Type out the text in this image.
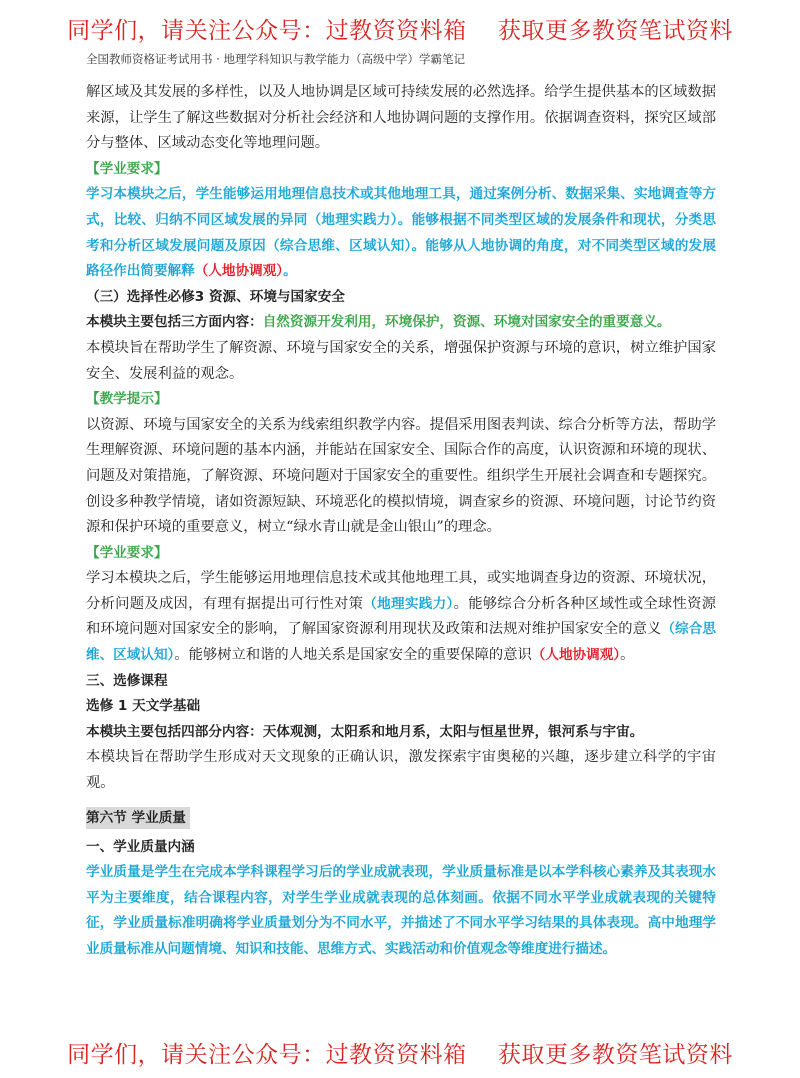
同学们，请关注公众号：过教资资料箱    获取更多教资笔试资料
全国教师资格证考试用书 · 地理学科知识与教学能力（高级中学）学霸笔记

解区域及其发展的多样性，以及人地协调是区域可持续发展的必然选择。给学生提供基本的区域数据来源，让学生了解这些数据对分析社会经济和人地协调问题的支撑作用。依据调查资料，探究区域部分与整体、区域动态变化等地理问题。

【学业要求】

学习本模块之后，学生能够运用地理信息技术或其他地理工具，通过案例分析、数据采集、实地调查等方式，比较、归纳不同区域发展的异同（地理实践力）。能够根据不同类型区域的发展条件和现状，分类思考和分析区域发展问题及原因（综合思维、区域认知）。能够从人地协调的角度，对不同类型区域的发展路径作出简要解释（人地协调观）。

（三）选择性必修3 资源、环境与国家安全

本模块主要包括三方面内容：自然资源开发利用，环境保护，资源、环境对国家安全的重要意义。

本模块旨在帮助学生了解资源、环境与国家安全的关系，增强保护资源与环境的意识，树立维护国家安全、发展利益的观念。

【教学提示】

以资源、环境与国家安全的关系为线索组织教学内容。提倡采用图表判读、综合分析等方法，帮助学生理解资源、环境问题的基本内涵，并能站在国家安全、国际合作的高度，认识资源和环境的现状、问题及对策措施，了解资源、环境问题对于国家安全的重要性。组织学生开展社会调查和专题探究。创设多种教学情境，诸如资源短缺、环境恶化的模拟情境，调查家乡的资源、环境问题，讨论节约资源和保护环境的重要意义，树立“绿水青山就是金山银山”的理念。

【学业要求】

学习本模块之后，学生能够运用地理信息技术或其他地理工具，或实地调查身边的资源、环境状况，分析问题及成因，有理有据提出可行性对策（地理实践力）。能够综合分析各种区域性或全球性资源和环境问题对国家安全的影响，了解国家资源利用现状及政策和法规对维护国家安全的意义（综合思维、区域认知）。能够树立和谐的人地关系是国家安全的重要保障的意识（人地协调观）。

三、选修课程

选修 1 天文学基础

本模块主要包括四部分内容：天体观测，太阳系和地月系，太阳与恒星世界，银河系与宇宙。

本模块旨在帮助学生形成对天文现象的正确认识，激发探索宇宙奥秘的兴趣，逐步建立科学的宇宙观。

第六节 学业质量

一、学业质量内涵

学业质量是学生在完成本学科课程学习后的学业成就表现，学业质量标准是以本学科核心素养及其表现水平为主要维度，结合课程内容，对学生学业成就表现的总体刻画。依据不同水平学业成就表现的关键特征，学业质量标准明确将学业质量划分为不同水平，并描述了不同水平学习结果的具体表现。高中地理学业质量标准从问题情境、知识和技能、思维方式、实践活动和价值观念等维度进行描述。

同学们，请关注公众号：过教资资料箱    获取更多教资笔试资料
